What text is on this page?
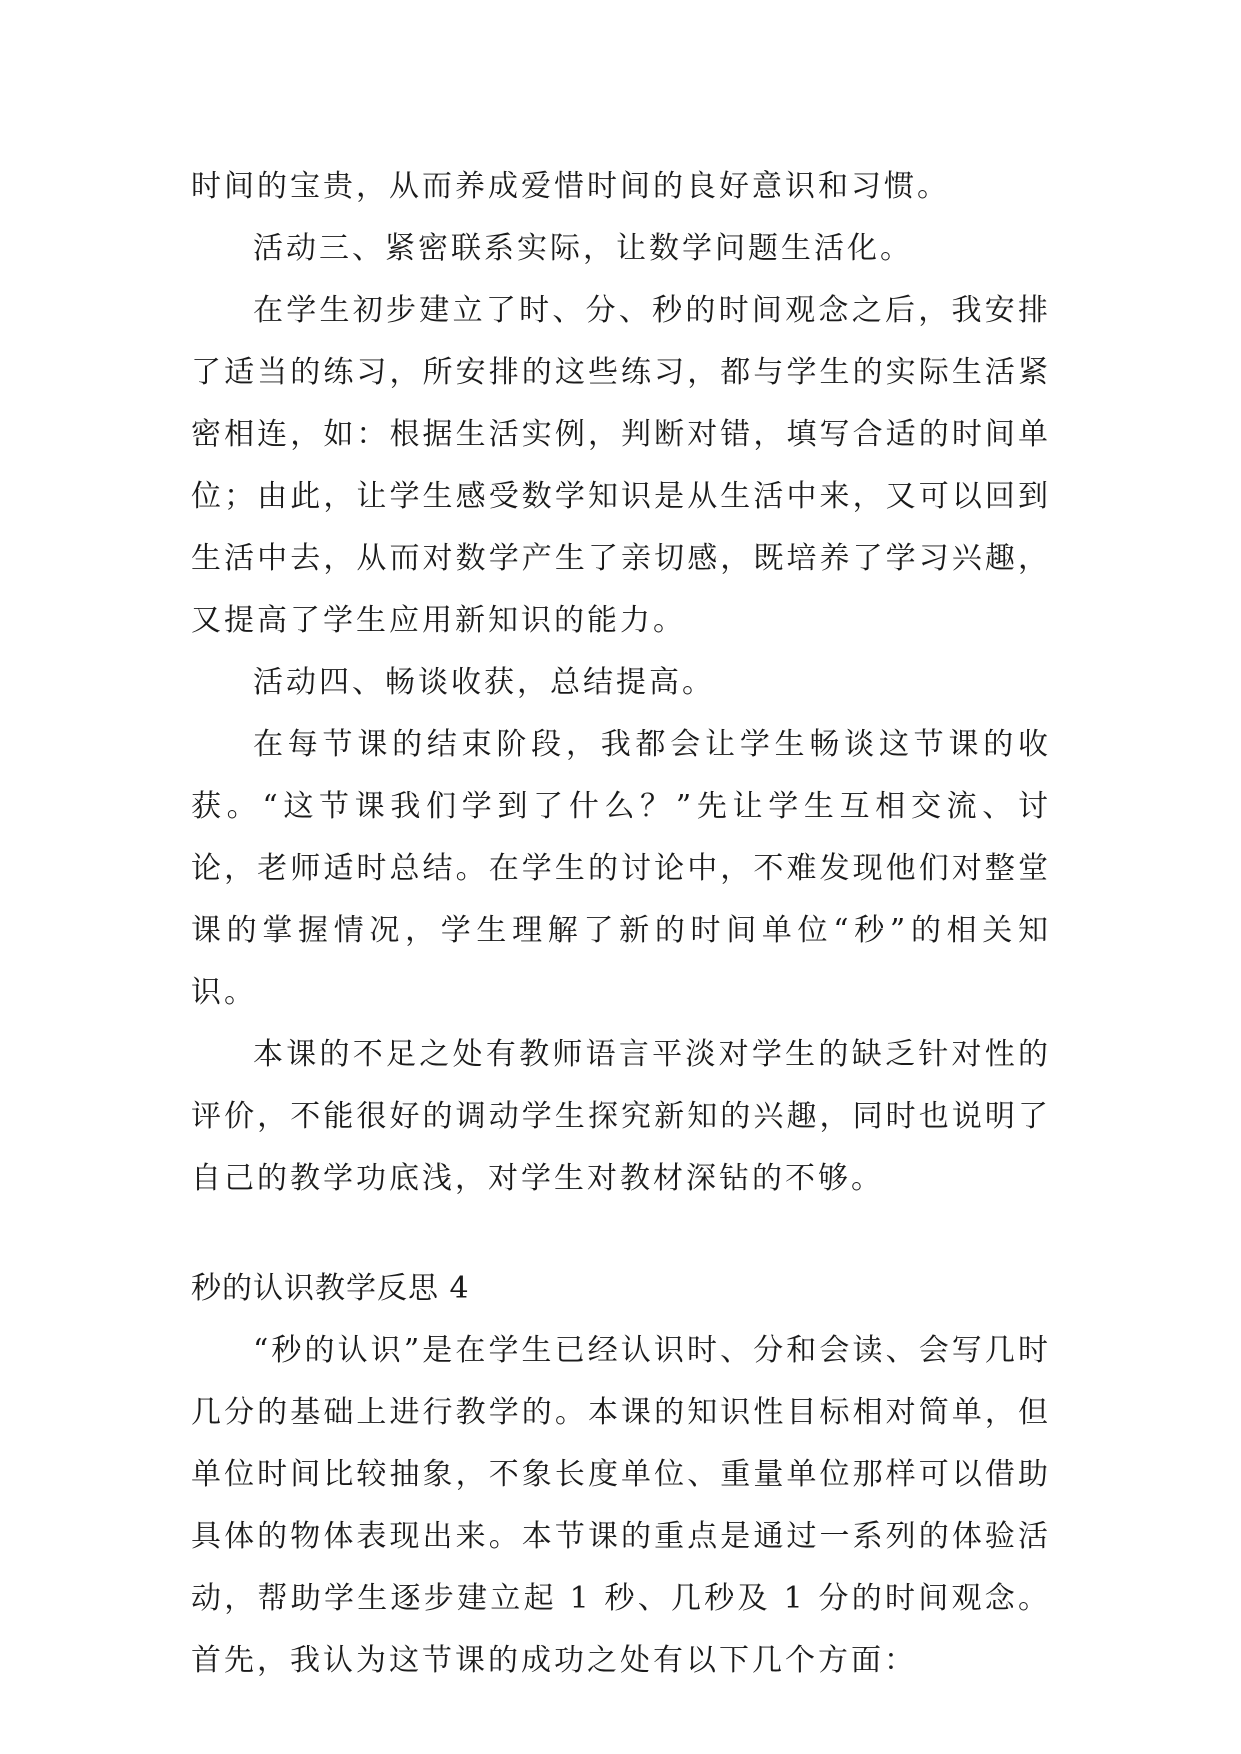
时间的宝贵，从而养成爱惜时间的良好意识和习惯。

活动三、紧密联系实际，让数学问题生活化。

在学生初步建立了时、分、秒的时间观念之后，我安排了适当的练习，所安排的这些练习，都与学生的实际生活紧密相连，如：根据生活实例，判断对错，填写合适的时间单位；由此，让学生感受数学知识是从生活中来，又可以回到生活中去，从而对数学产生了亲切感，既培养了学习兴趣，又提高了学生应用新知识的能力。

活动四、畅谈收获，总结提高。

在每节课的结束阶段，我都会让学生畅谈这节课的收获。“这节课我们学到了什么？”先让学生互相交流、讨论，老师适时总结。在学生的讨论中，不难发现他们对整堂课的掌握情况，学生理解了新的时间单位“秒”的相关知识。

本课的不足之处有教师语言平淡对学生的缺乏针对性的评价，不能很好的调动学生探究新知的兴趣，同时也说明了自己的教学功底浅，对学生对教材深钻的不够。

秒的认识教学反思 4

“秒的认识”是在学生已经认识时、分和会读、会写几时几分的基础上进行教学的。本课的知识性目标相对简单，但单位时间比较抽象，不象长度单位、重量单位那样可以借助具体的物体表现出来。本节课的重点是通过一系列的体验活动，帮助学生逐步建立起 1 秒、几秒及 1 分的时间观念。首先，我认为这节课的成功之处有以下几个方面：
